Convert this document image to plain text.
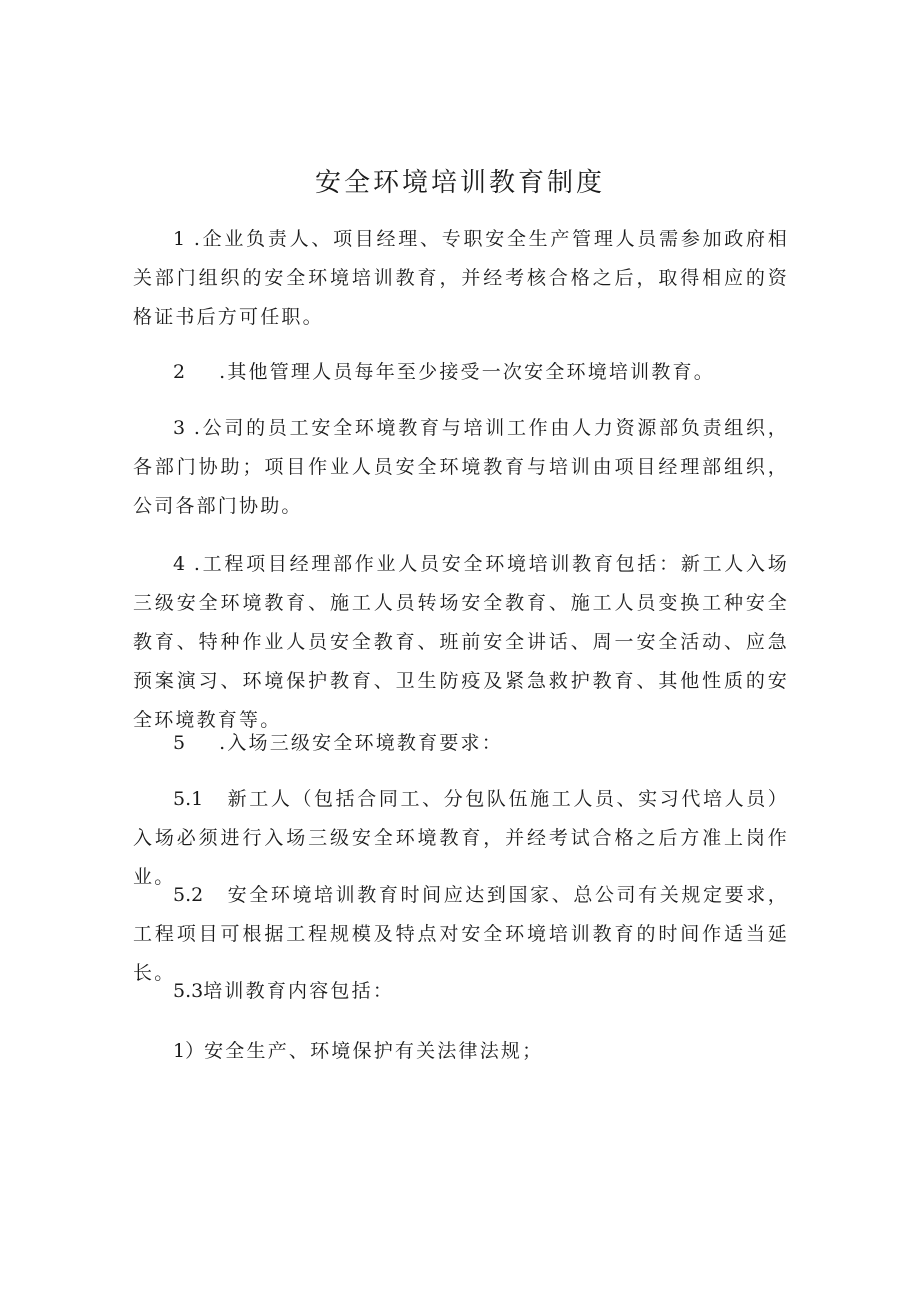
安全环境培训教育制度

1 .企业负责人、项目经理、专职安全生产管理人员需参加政府相关部门组织的安全环境培训教育，并经考核合格之后，取得相应的资格证书后方可任职。

2 .其他管理人员每年至少接受一次安全环境培训教育。

3 .公司的员工安全环境教育与培训工作由人力资源部负责组织，各部门协助；项目作业人员安全环境教育与培训由项目经理部组织，公司各部门协助。

4 .工程项目经理部作业人员安全环境培训教育包括：新工人入场三级安全环境教育、施工人员转场安全教育、施工人员变换工种安全教育、特种作业人员安全教育、班前安全讲话、周一安全活动、应急预案演习、环境保护教育、卫生防疫及紧急救护教育、其他性质的安全环境教育等。

5 .入场三级安全环境教育要求：

5.1 新工人（包括合同工、分包队伍施工人员、实习代培人员）入场必须进行入场三级安全环境教育，并经考试合格之后方准上岗作业。

5.2 安全环境培训教育时间应达到国家、总公司有关规定要求，工程项目可根据工程规模及特点对安全环境培训教育的时间作适当延长。

5.3培训教育内容包括：

1）安全生产、环境保护有关法律法规；
